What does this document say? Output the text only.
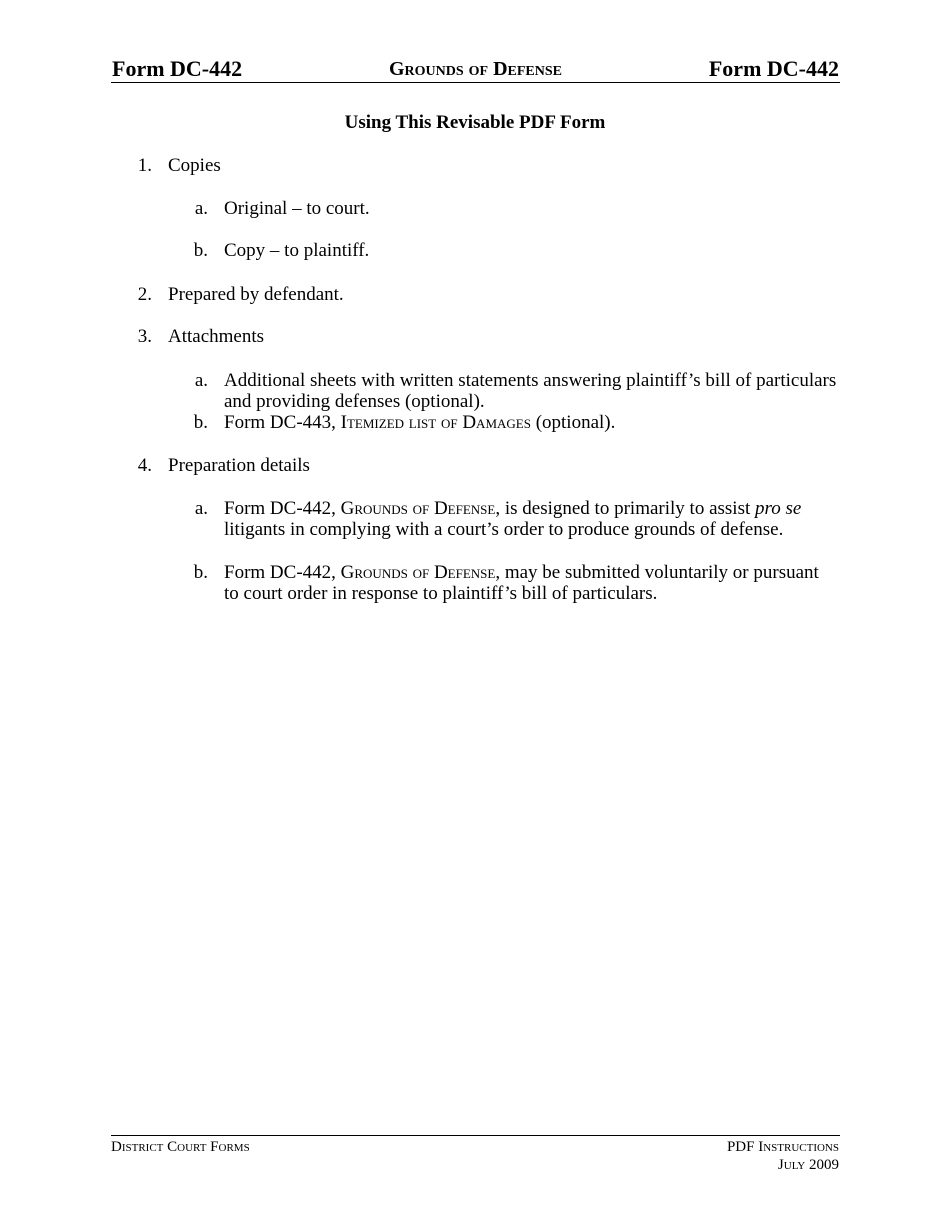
Form DC-442	Grounds of Defense	Form DC-442
Using This Revisable PDF Form
1. Copies
a. Original – to court.
b. Copy – to plaintiff.
2. Prepared by defendant.
3. Attachments
a. Additional sheets with written statements answering plaintiff’s bill of particulars
and providing defenses (optional).
b. Form DC-443, Itemized list of Damages (optional).
4. Preparation details
a. Form DC-442, Grounds of Defense, is designed to primarily to assist pro se
litigants in complying with a court’s order to produce grounds of defense.
b. Form DC-442, Grounds of Defense, may be submitted voluntarily or pursuant
to court order in response to plaintiff’s bill of particulars.
District Court Forms	PDF Instructions
July 2009
